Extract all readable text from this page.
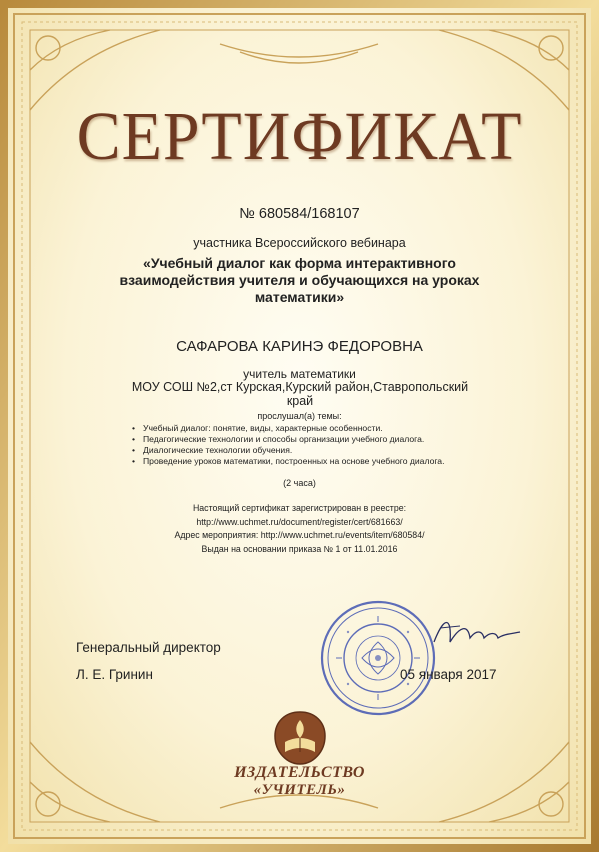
СЕРТИФИКАТ
№ 680584/168107
участника Всероссийского вебинара
«Учебный диалог как форма интерактивного взаимодействия учителя и обучающихся на уроках математики»
САФАРОВА КАРИНЭ ФЕДОРОВНА
учитель математики
МОУ СОШ №2,ст Курская,Курский район,Ставропольский край
прослушал(а) темы:
• Учебный диалог: понятие, виды, характерные особенности.
• Педагогические технологии и способы организации учебного диалога.
• Диалогические технологии обучения.
• Проведение уроков математики, построенных на основе учебного диалога.
(2 часа)
Настоящий сертификат зарегистрирован в реестре:
http://www.uchmet.ru/document/register/cert/681663/
Адрес мероприятия: http://www.uchmet.ru/events/item/680584/
Выдан на основании приказа № 1 от 11.01.2016
Генеральный директор
Л. Е. Гринин	05 января 2017
ИЗДАТЕЛЬСТВО
«УЧИТЕЛЬ»
